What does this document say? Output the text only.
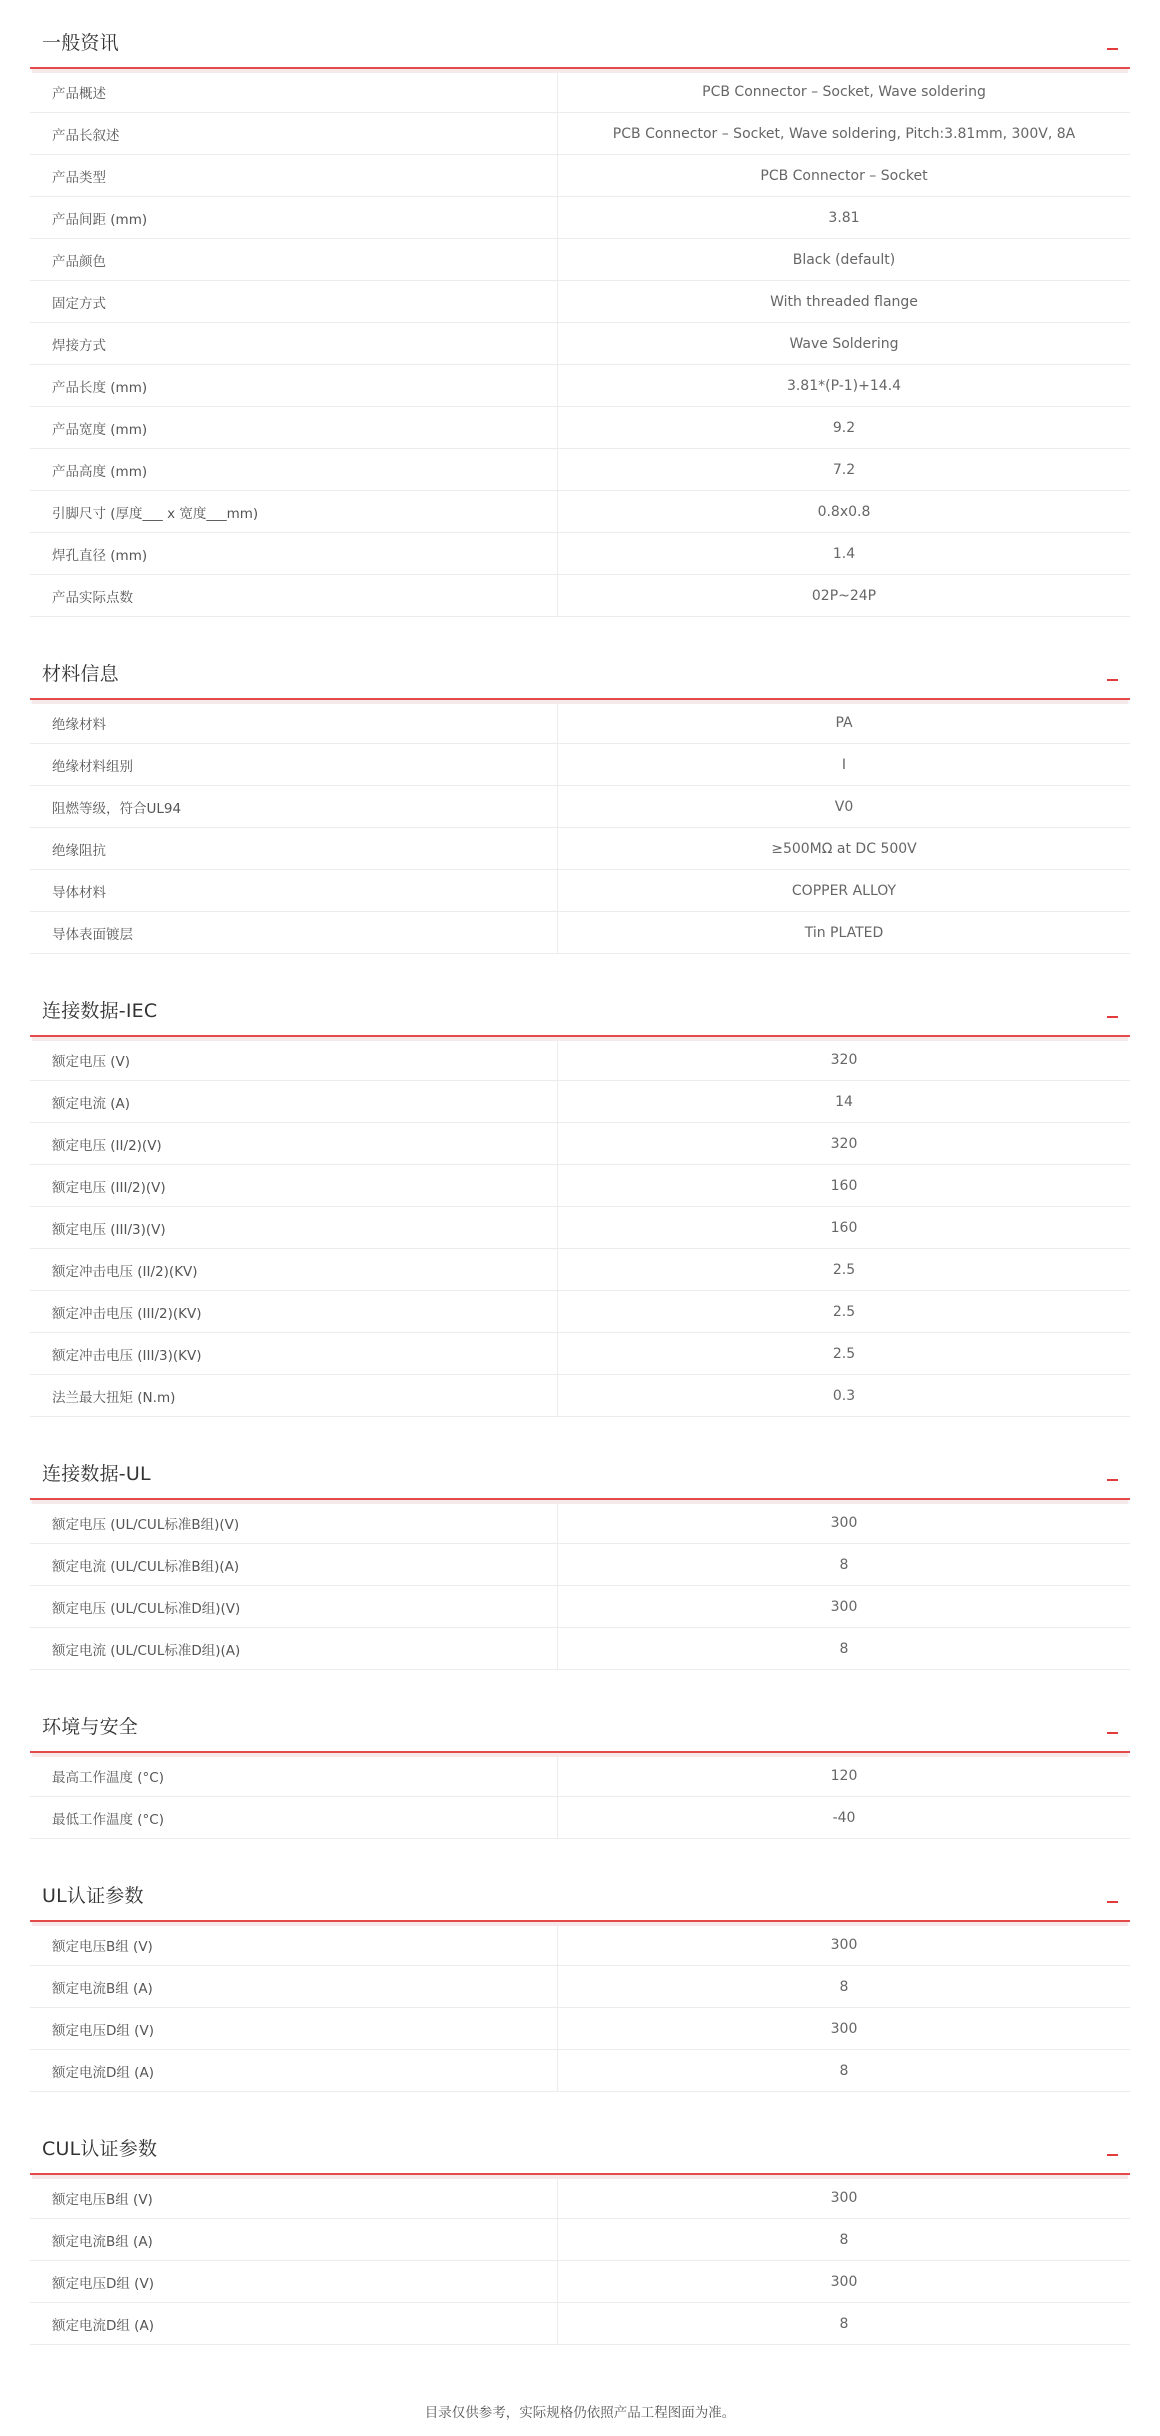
一般资讯
产品概述	PCB Connector – Socket, Wave soldering
产品长叙述	PCB Connector – Socket, Wave soldering, Pitch:3.81mm, 300V, 8A
产品类型	PCB Connector – Socket
产品间距 (mm)	3.81
产品颜色	Black (default)
固定方式	With threaded flange
焊接方式	Wave Soldering
产品长度 (mm)	3.81*(P-1)+14.4
产品宽度 (mm)	9.2
产品高度 (mm)	7.2
引脚尺寸 (厚度___ x 宽度___mm)	0.8x0.8
焊孔直径 (mm)	1.4
产品实际点数	02P~24P
材料信息
绝缘材料	PA
绝缘材料组别	I
阻燃等级，符合UL94	V0
绝缘阻抗	≥500MΩ at DC 500V
导体材料	COPPER ALLOY
导体表面镀层	Tin PLATED
连接数据-IEC
额定电压 (V)	320
额定电流 (A)	14
额定电压 (II/2)(V)	320
额定电压 (III/2)(V)	160
额定电压 (III/3)(V)	160
额定冲击电压 (II/2)(KV)	2.5
额定冲击电压 (III/2)(KV)	2.5
额定冲击电压 (III/3)(KV)	2.5
法兰最大扭矩 (N.m)	0.3
连接数据-UL
额定电压 (UL/CUL标准B组)(V)	300
额定电流 (UL/CUL标准B组)(A)	8
额定电压 (UL/CUL标准D组)(V)	300
额定电流 (UL/CUL标准D组)(A)	8
环境与安全
最高工作温度 (°C)	120
最低工作温度 (°C)	-40
UL认证参数
额定电压B组 (V)	300
额定电流B组 (A)	8
额定电压D组 (V)	300
额定电流D组 (A)	8
CUL认证参数
额定电压B组 (V)	300
额定电流B组 (A)	8
额定电压D组 (V)	300
额定电流D组 (A)	8
目录仅供参考，实际规格仍依照产品工程图面为准。
